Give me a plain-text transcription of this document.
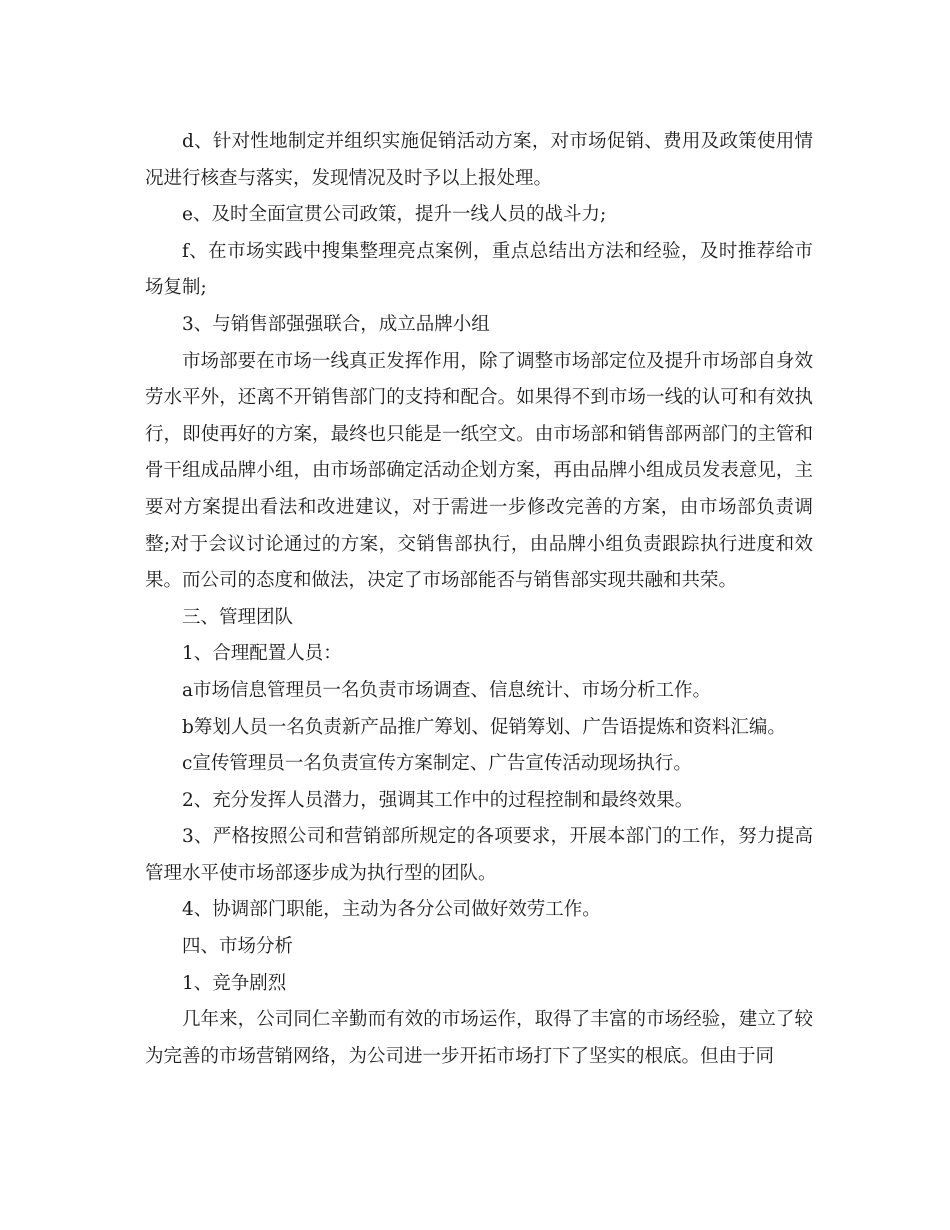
d、针对性地制定并组织实施促销活动方案，对市场促销、费用及政策使用情况进行核查与落实，发现情况及时予以上报处理。

e、及时全面宣贯公司政策，提升一线人员的战斗力;

f、在市场实践中搜集整理亮点案例，重点总结出方法和经验，及时推荐给市场复制;

3、与销售部强强联合，成立品牌小组

市场部要在市场一线真正发挥作用，除了调整市场部定位及提升市场部自身效劳水平外，还离不开销售部门的支持和配合。如果得不到市场一线的认可和有效执行，即使再好的方案，最终也只能是一纸空文。由市场部和销售部两部门的主管和骨干组成品牌小组，由市场部确定活动企划方案，再由品牌小组成员发表意见，主要对方案提出看法和改进建议，对于需进一步修改完善的方案，由市场部负责调整;对于会议讨论通过的方案，交销售部执行，由品牌小组负责跟踪执行进度和效果。而公司的态度和做法，决定了市场部能否与销售部实现共融和共荣。

三、管理团队

1、合理配置人员：

a市场信息管理员一名负责市场调查、信息统计、市场分析工作。

b筹划人员一名负责新产品推广筹划、促销筹划、广告语提炼和资料汇编。

c宣传管理员一名负责宣传方案制定、广告宣传活动现场执行。

2、充分发挥人员潜力，强调其工作中的过程控制和最终效果。

3、严格按照公司和营销部所规定的各项要求，开展本部门的工作，努力提高管理水平使市场部逐步成为执行型的团队。

4、协调部门职能，主动为各分公司做好效劳工作。

四、市场分析

1、竞争剧烈

几年来，公司同仁辛勤而有效的市场运作，取得了丰富的市场经验，建立了较为完善的市场营销网络，为公司进一步开拓市场打下了坚实的根底。但由于同
